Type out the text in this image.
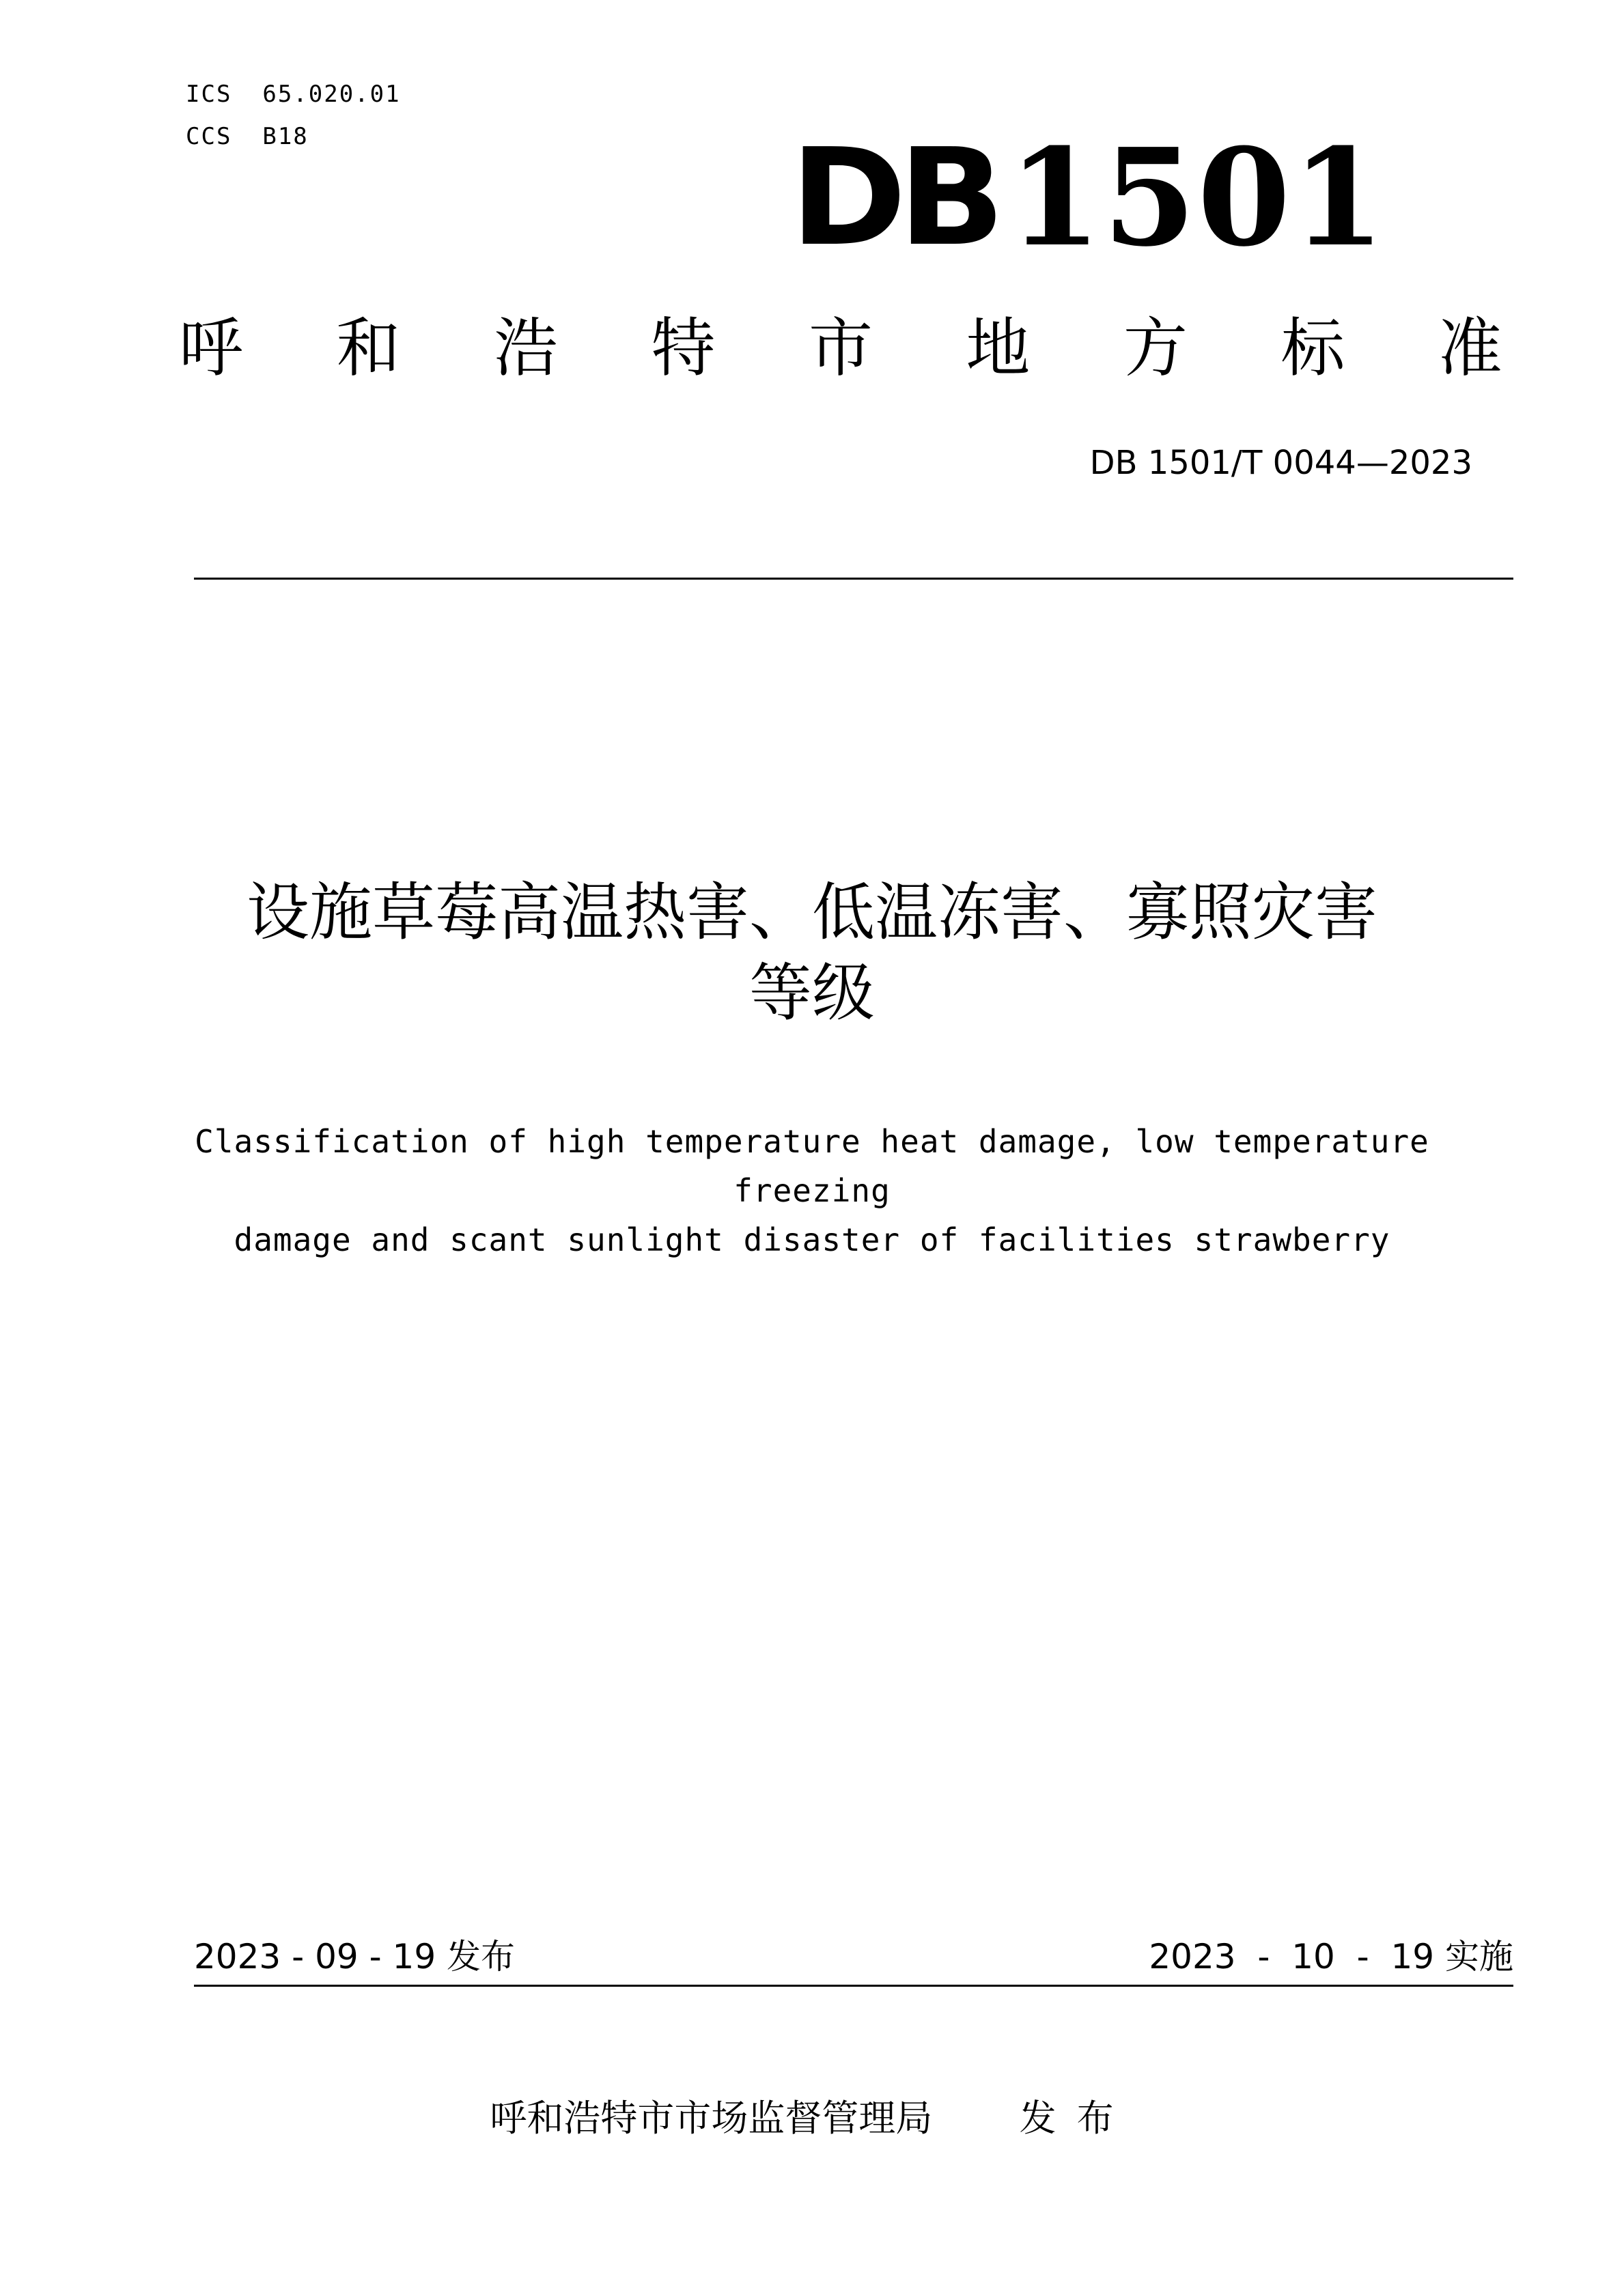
ICS  65.020.01
CCS  B18	DB 1501
呼 和 浩 特 市 地 方 标 准
DB 1501/T 0044—2023
设施草莓高温热害、低温冻害、寡照灾害
等级
Classification of high temperature heat damage, low temperature freezing
damage and scant sunlight disaster of facilities strawberry
2023 - 09 - 19 发布	2023  -  10  -  19 实施
呼和浩特市市场监督管理局 发布
